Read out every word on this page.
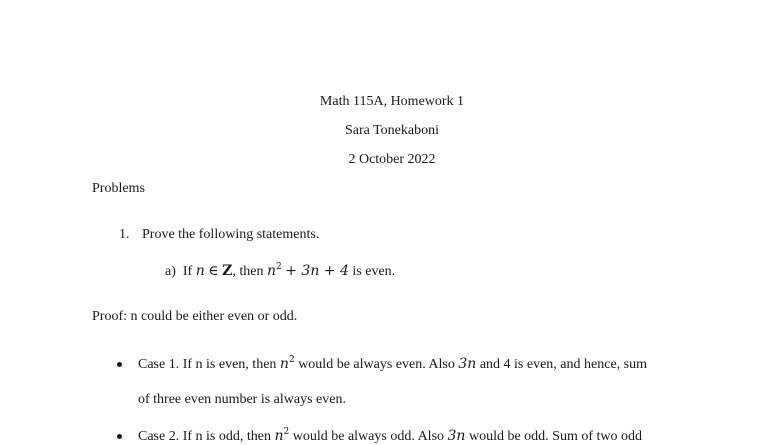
Math 115A, Homework 1
Sara Tonekaboni
2 October 2022
Problems
1. Prove the following statements.
a) If n ∈ Z, then $n^2 + 3n + 4$ is even.
Proof: n could be either even or odd.
Case 1. If n is even, then $n^2$ would be always even. Also 3n and 4 is even, and hence, sum
of three even number is always even.
Case 2. If n is odd, then $n^2$ would be always odd. Also 3n would be odd. Sum of two odd
